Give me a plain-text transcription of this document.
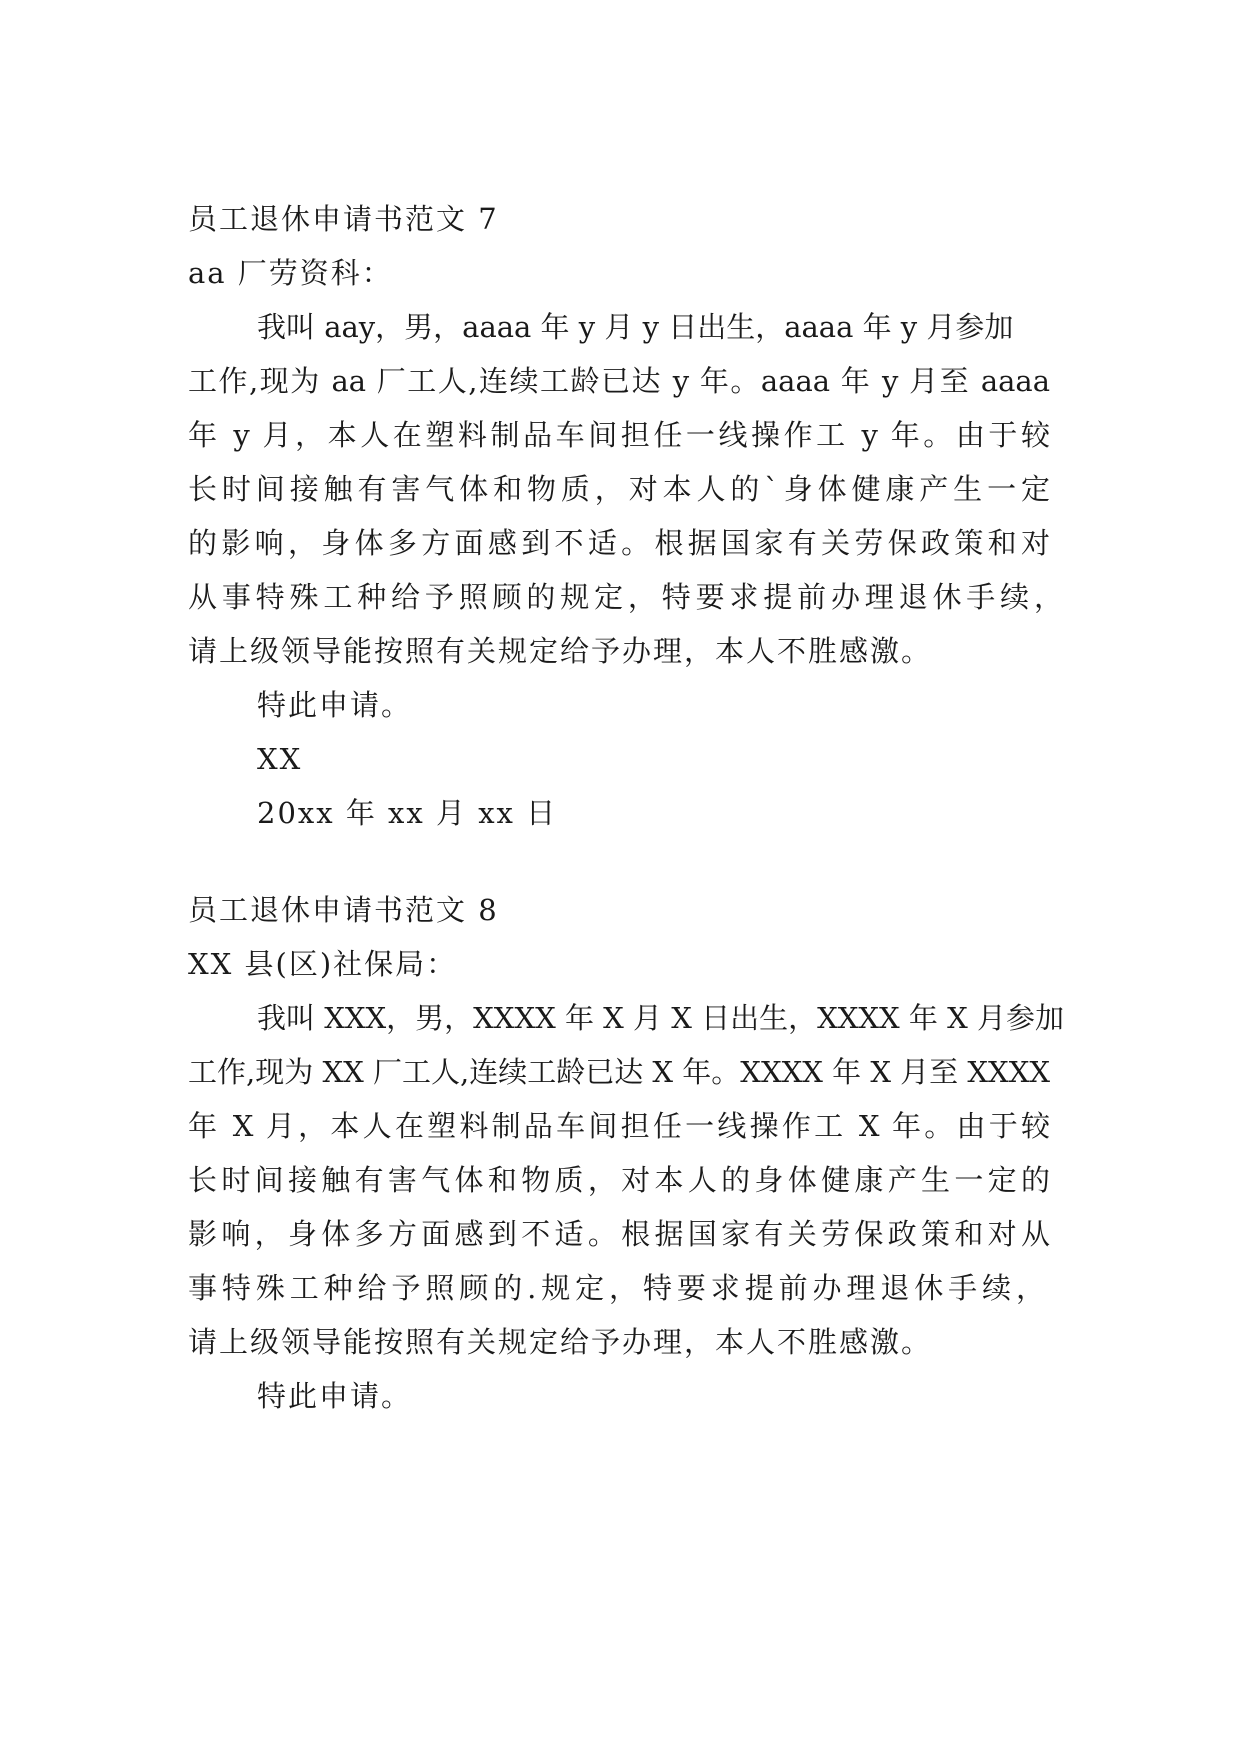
员工退休申请书范文 7
aa 厂劳资科：
我叫 aay，男，aaaa 年 y 月 y 日出生，aaaa 年 y 月参加
工作,现为 aa 厂工人,连续工龄已达 y 年。aaaa 年 y 月至 aaaa
年 y 月，本人在塑料制品车间担任一线操作工 y 年。由于较
长时间接触有害气体和物质，对本人的`身体健康产生一定
的影响，身体多方面感到不适。根据国家有关劳保政策和对
从事特殊工种给予照顾的规定，特要求提前办理退休手续，
请上级领导能按照有关规定给予办理，本人不胜感激。
特此申请。
XX
20xx 年 xx 月 xx 日
员工退休申请书范文 8
XX 县(区)社保局：
我叫 XXX，男，XXXX 年 X 月 X 日出生，XXXX 年 X 月参加
工作,现为 XX 厂工人,连续工龄已达 X 年。XXXX 年 X 月至 XXXX
年 X 月，本人在塑料制品车间担任一线操作工 X 年。由于较
长时间接触有害气体和物质，对本人的身体健康产生一定的
影响，身体多方面感到不适。根据国家有关劳保政策和对从
事特殊工种给予照顾的.规定，特要求提前办理退休手续，
请上级领导能按照有关规定给予办理，本人不胜感激。
特此申请。
